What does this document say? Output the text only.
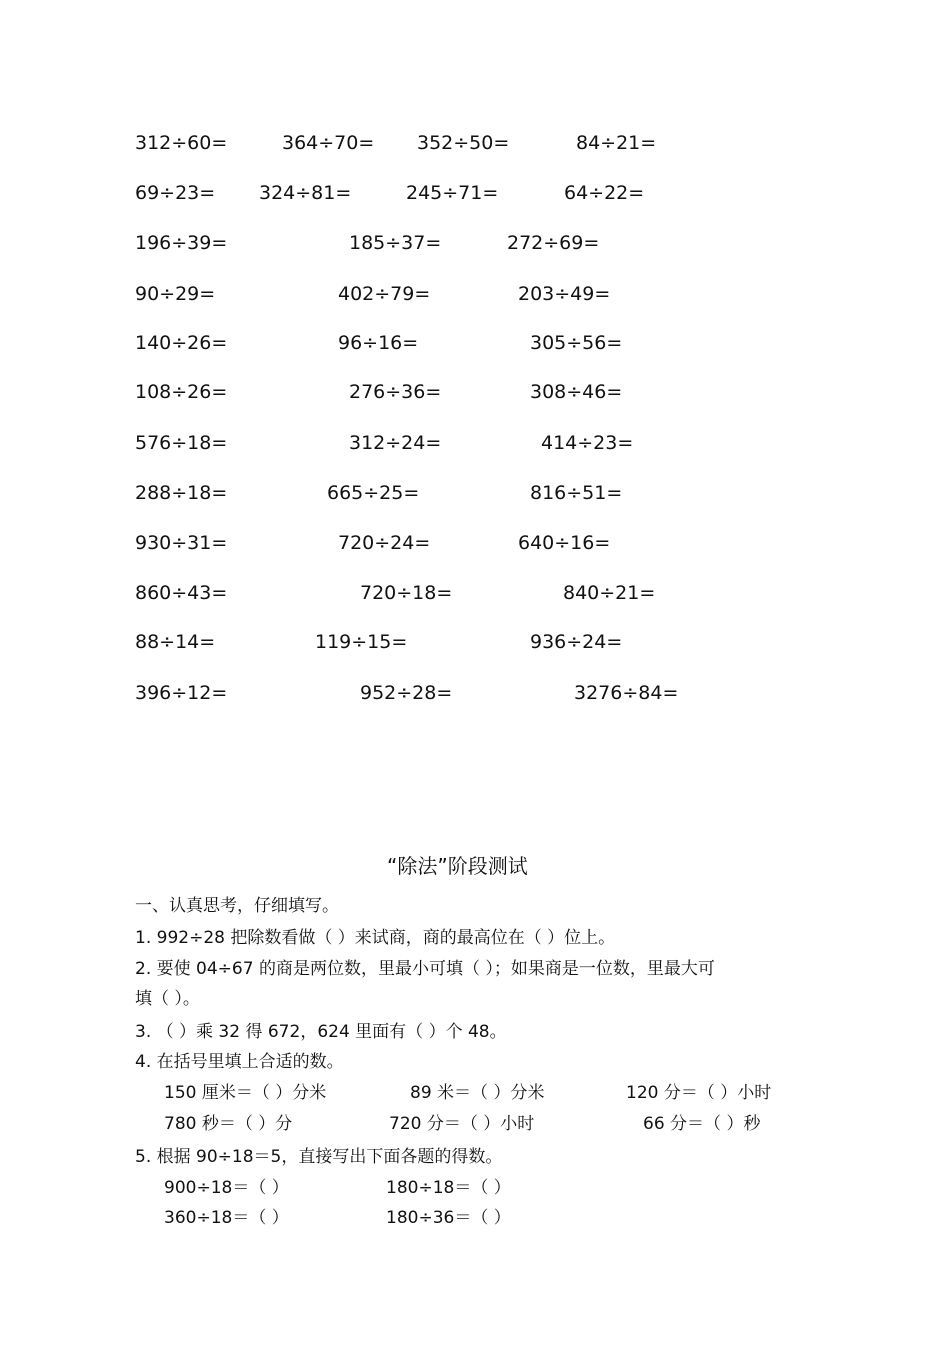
312÷60=	364÷70= 352÷50=	84÷21=
69÷23= 324÷81=	245÷71=	64÷22=
196÷39=	185÷37=	272÷69=
90÷29=	402÷79=	203÷49=
140÷26=	96÷16=	305÷56=
108÷26=	276÷36=	308÷46=
576÷18=	312÷24=	414÷23=
288÷18=	665÷25=	816÷51=
930÷31=	720÷24=	640÷16=
860÷43=	720÷18=	840÷21=
88÷14=	119÷15=	936÷24=
396÷12=	952÷28=	3276÷84=
“除法”阶段测试
一、认真思考，仔细填写。
1. 992÷28 把除数看做（ ）来试商，商的最高位在（ ）位上。
2. 要使 04÷67 的商是两位数，里最小可填（ ）；如果商是一位数，里最大可
填（ ）。
3. （ ）乘 32 得 672，624 里面有（ ）个 48。
4. 在括号里填上合适的数。
150 厘米＝（ ）分米	89 米＝（ ）分米	120 分＝（ ）小时
780 秒＝（ ）分	720 分＝（ ）小时	66 分＝（ ）秒
5. 根据 90÷18＝5，直接写出下面各题的得数。
900÷18＝（ ）	180÷18＝（ ）
360÷18＝（ ）	180÷36＝（ ）
